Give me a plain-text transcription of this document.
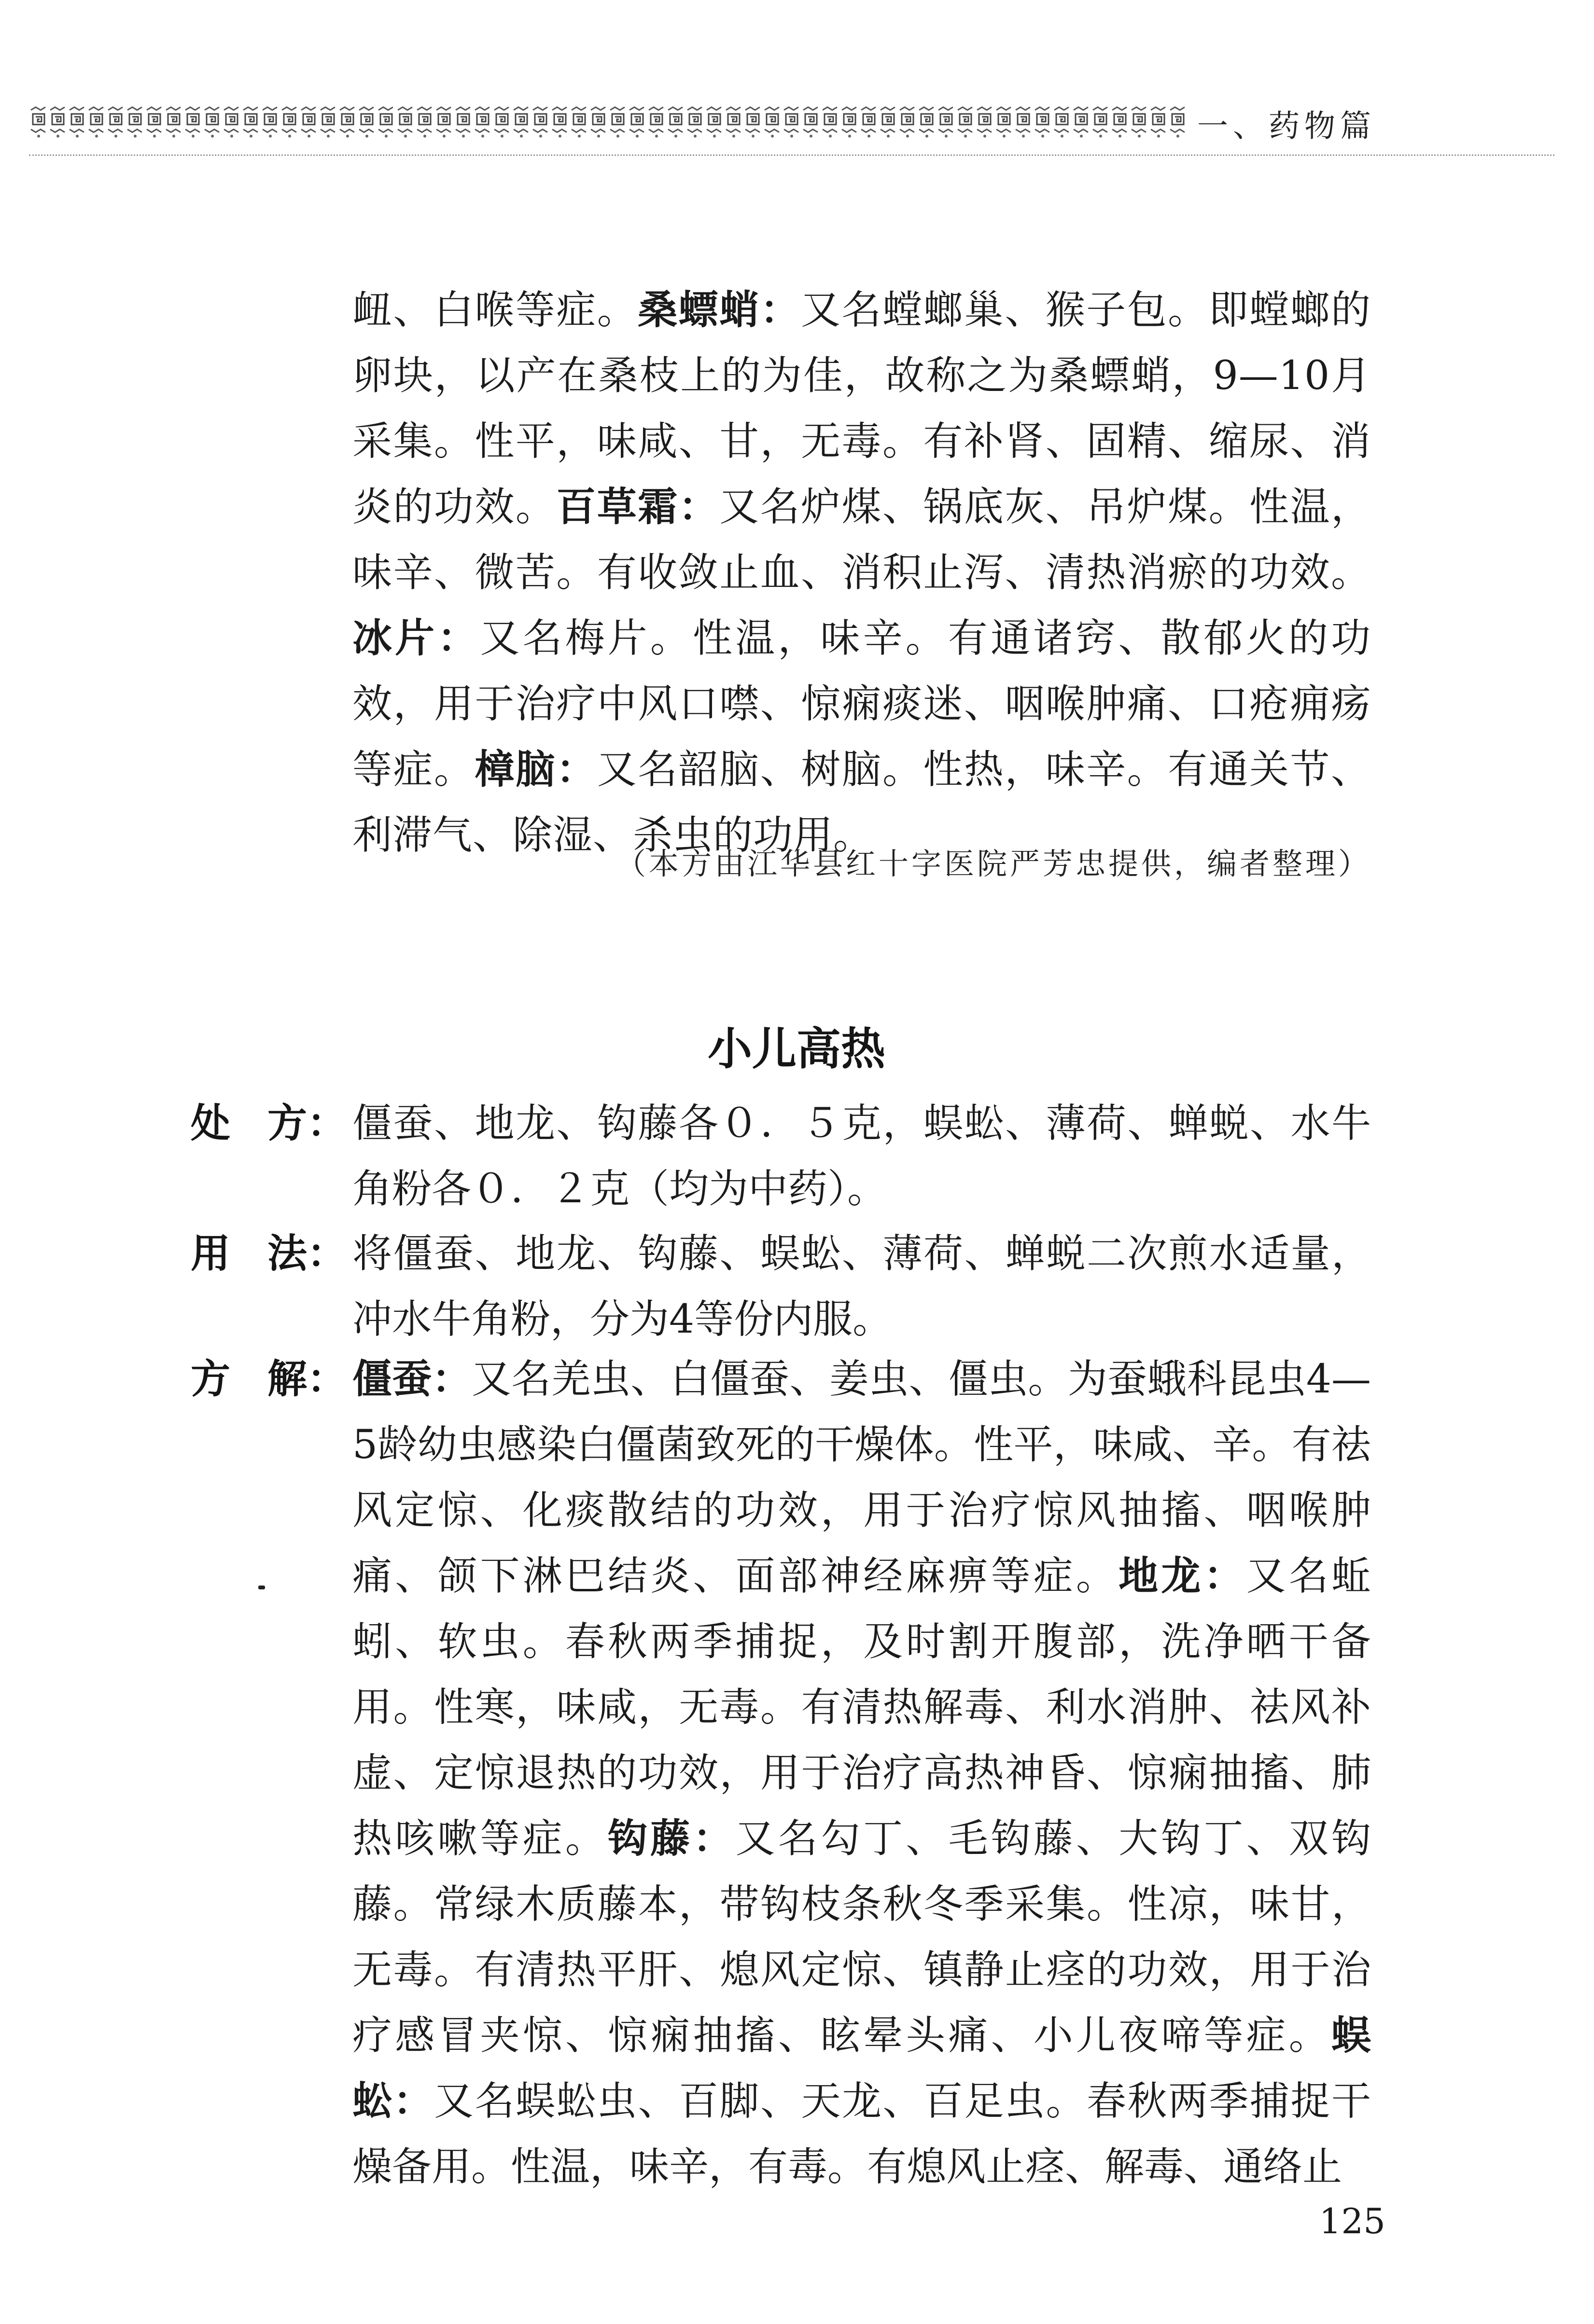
一、药物篇
衄、白喉等症。桑螵蛸：又名螳螂巢、猴子包。即螳螂的卵块，以产在桑枝上的为佳，故称之为桑螵蛸，9—10月采集。性平，味咸、甘，无毒。有补肾、固精、缩尿、消炎的功效。百草霜：又名炉煤、锅底灰、吊炉煤。性温，味辛、微苦。有收敛止血、消积止泻、清热消瘀的功效。冰片：又名梅片。性温，味辛。有通诸窍、散郁火的功效，用于治疗中风口噤、惊痫痰迷、咽喉肿痛、口疮痈疡等症。樟脑：又名韶脑、树脑。性热，味辛。有通关节、利滞气、除湿、杀虫的功用。
（本方由江华县红十字医院严芳忠提供，编者整理）
小儿高热
处 方： 僵蚕、地龙、钩藤各０．５克，蜈蚣、薄荷、蝉蜕、水牛角粉各０．２克（均为中药）。
用 法： 将僵蚕、地龙、钩藤、蜈蚣、薄荷、蝉蜕二次煎水适量，冲水牛角粉，分为4等份内服。
方 解： 僵蚕：又名羌虫、白僵蚕、姜虫、僵虫。为蚕蛾科昆虫4—5龄幼虫感染白僵菌致死的干燥体。性平，味咸、辛。有祛风定惊、化痰散结的功效，用于治疗惊风抽搐、咽喉肿痛、颌下淋巴结炎、面部神经麻痹等症。地龙：又名蚯蚓、软虫。春秋两季捕捉，及时割开腹部，洗净晒干备用。性寒，味咸，无毒。有清热解毒、利水消肿、祛风补虚、定惊退热的功效，用于治疗高热神昏、惊痫抽搐、肺热咳嗽等症。钩藤：又名勾丁、毛钩藤、大钩丁、双钩藤。常绿木质藤本，带钩枝条秋冬季采集。性凉，味甘，无毒。有清热平肝、熄风定惊、镇静止痉的功效，用于治疗感冒夹惊、惊痫抽搐、眩晕头痛、小儿夜啼等症。蜈蚣：又名蜈蚣虫、百脚、天龙、百足虫。春秋两季捕捉干燥备用。性温，味辛，有毒。有熄风止痉、解毒、通络止
125
